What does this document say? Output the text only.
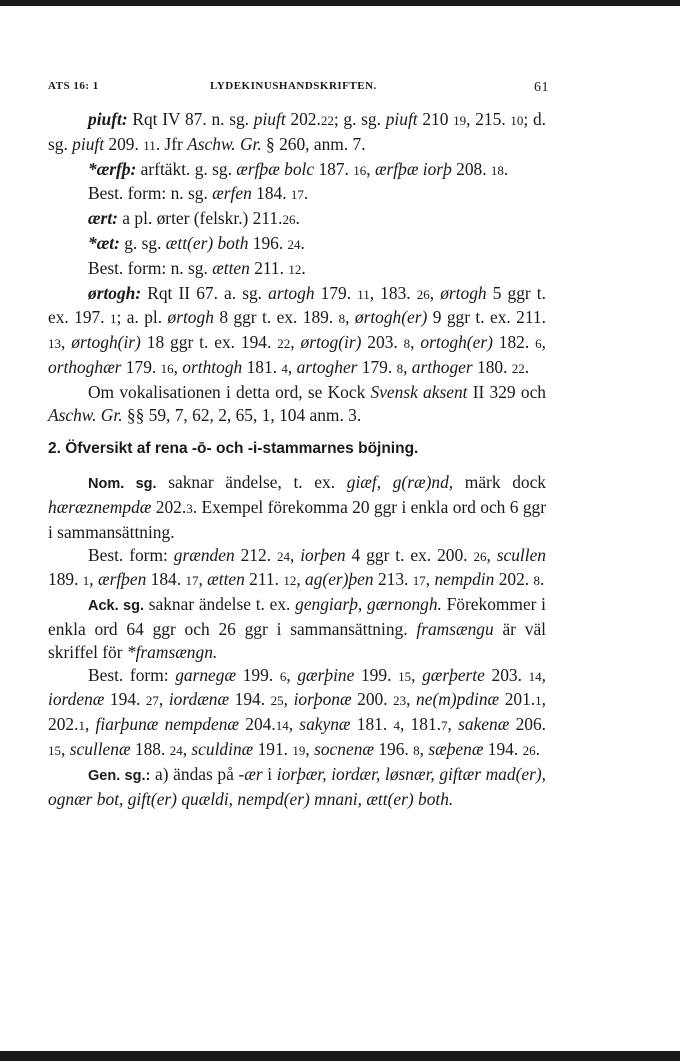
ATS 16: 1	LYDEKINUSHANDSKRIFTEN.	61

piuft: Rqt IV 87. n. sg. piuft 202.22; g. sg. piuft 210 19, 215. 10; d. sg. piuft 209. 11. Jfr Aschw. Gr. § 260, anm. 7.

*ærfþ: arftäkt. g. sg. ærfþæ bolc 187. 16, ærfþæ iorþ 208. 18.

Best. form: n. sg. ærfen 184. 17.

ært: a pl. ørter (felskr.) 211.26.

*æt: g. sg. ætt(er) both 196. 24.

Best. form: n. sg. ætten 211. 12.

ørtogh: Rqt II 67. a. sg. artogh 179. 11, 183. 26, ørtogh 5 ggr t. ex. 197. 1; a. pl. ørtogh 8 ggr t. ex. 189. 8, ørtogh(er) 9 ggr t. ex. 211. 13, ørtogh(ir) 18 ggr t. ex. 194. 22, ørtog(ir) 203. 8, ortogh(er) 182. 6, orthoghær 179. 16, orthtogh 181. 4, artogher 179. 8, arthoger 180. 22.

Om vokalisationen i detta ord, se Kock Svensk aksent II 329 och Aschw. Gr. §§ 59, 7, 62, 2, 65, 1, 104 anm. 3.

2. Öfversikt af rena -ō- och -i-stammarnes böjning.

Nom. sg. saknar ändelse, t. ex. giæf, g(ræ)nd, märk dock hæræznempdæ 202.3. Exempel förekomma 20 ggr i enkla ord och 6 ggr i sammansättning.

Best. form: grænden 212. 24, iorþen 4 ggr t. ex. 200. 26, scullen 189. 1, ærfþen 184. 17, ætten 211. 12, ag(er)þen 213. 17, nempdin 202. 8.

Ack. sg. saknar ändelse t. ex. gengiarþ, gærnongh. Förekommer i enkla ord 64 ggr och 26 ggr i sammansättning. framsængu är väl skriffel för *framsængn.

Best. form: garnegæ 199. 6, gærþine 199. 15, gærþerte 203. 14, iordenæ 194. 27, iordænæ 194. 25, iorþonæ 200. 23, ne(m)pdinæ 201.1, 202.1, fiarþunæ nempdenæ 204.14, sakynæ 181. 4, 181.7, sakenæ 206. 15, scullenæ 188. 24, sculdinæ 191. 19, socnenæ 196. 8, sæþenæ 194. 26.

Gen. sg.: a) ändas på -ær i iorþær, iordær, løsnær, giftær mad(er), ognær bot, gift(er) quældi, nempd(er) mnani, ætt(er) both.
